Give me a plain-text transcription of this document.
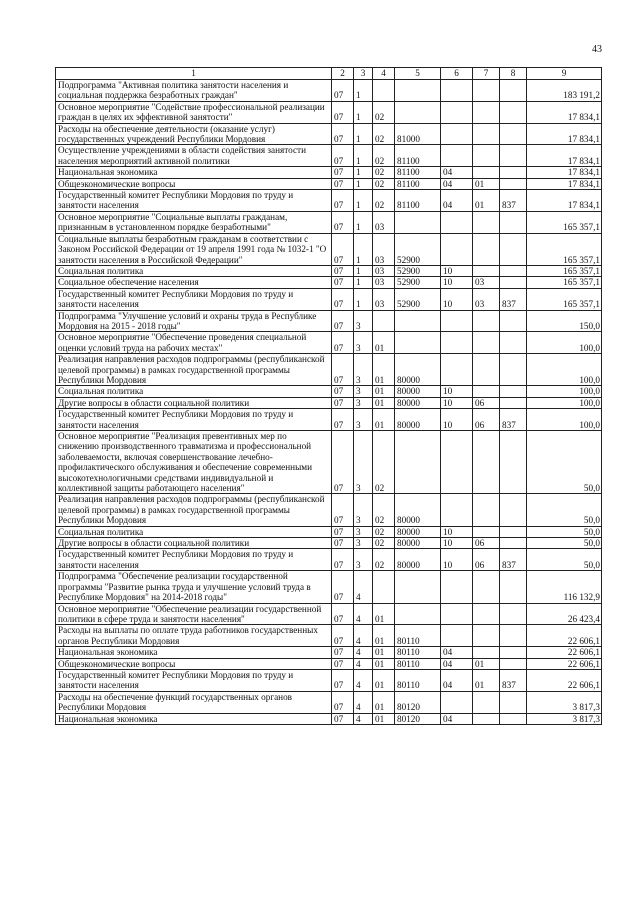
43
1	2	3	4	5	6	7	8	9
Подпрограмма "Активная политика занятости населения и социальная поддержка безработных граждан"	07	1						183 191,2
Основное мероприятие "Содействие профессиональной реализации граждан в целях их эффективной занятости"	07	1	02					17 834,1
Расходы на обеспечение деятельности (оказание услуг) государственных учреждений Республики Мордовия	07	1	02	81000				17 834,1
Осуществление учреждениями в области содействия занятости населения мероприятий активной политики	07	1	02	81100				17 834,1
Национальная экономика	07	1	02	81100	04			17 834,1
Общеэкономические вопросы	07	1	02	81100	04	01		17 834,1
Государственный комитет Республики Мордовия по труду и занятости населения	07	1	02	81100	04	01	837	17 834,1
Основное мероприятие "Социальные выплаты гражданам, признанным в установленном порядке безработными"	07	1	03					165 357,1
Социальные выплаты безработным гражданам в соответствии с Законом Российской Федерации от 19 апреля 1991 года № 1032-1 "О занятости населения в Российской Федерации"	07	1	03	52900				165 357,1
Социальная политика	07	1	03	52900	10			165 357,1
Социальное обеспечение населения	07	1	03	52900	10	03		165 357,1
Государственный комитет Республики Мордовия по труду и занятости населения	07	1	03	52900	10	03	837	165 357,1
Подпрограмма "Улучшение условий и охраны труда в Республике Мордовия на 2015 - 2018 годы"	07	3						150,0
Основное мероприятие "Обеспечение проведения специальной оценки условий труда на рабочих местах"	07	3	01					100,0
Реализация направления расходов подпрограммы (республиканской целевой программы) в рамках государственной программы Республики Мордовия	07	3	01	80000				100,0
Социальная политика	07	3	01	80000	10			100,0
Другие вопросы в области социальной политики	07	3	01	80000	10	06		100,0
Государственный комитет Республики Мордовия по труду и занятости населения	07	3	01	80000	10	06	837	100,0
Основное мероприятие "Реализация превентивных мер по снижению производственного травматизма и профессиональной заболеваемости, включая совершенствование лечебно-профилактического обслуживания и обеспечение современными высокотехнологичными средствами индивидуальной и коллективной защиты работающего населения"	07	3	02					50,0
Реализация направления расходов подпрограммы (республиканской целевой программы) в рамках государственной программы Республики Мордовия	07	3	02	80000				50,0
Социальная политика	07	3	02	80000	10			50,0
Другие вопросы в области социальной политики	07	3	02	80000	10	06		50,0
Государственный комитет Республики Мордовия по труду и занятости населения	07	3	02	80000	10	06	837	50,0
Подпрограмма "Обеспечение реализации государственной программы "Развитие рынка труда и улучшение условий труда в Республике Мордовия" на 2014-2018 годы"	07	4						116 132,9
Основное мероприятие "Обеспечение реализации государственной политики в сфере труда и занятости населения"	07	4	01					26 423,4
Расходы на выплаты по оплате труда работников государственных органов Республики Мордовия	07	4	01	80110				22 606,1
Национальная экономика	07	4	01	80110	04			22 606,1
Общеэкономические вопросы	07	4	01	80110	04	01		22 606,1
Государственный комитет Республики Мордовия по труду и занятости населения	07	4	01	80110	04	01	837	22 606,1
Расходы на обеспечение функций государственных органов Республики Мордовия	07	4	01	80120				3 817,3
Национальная экономика	07	4	01	80120	04			3 817,3
